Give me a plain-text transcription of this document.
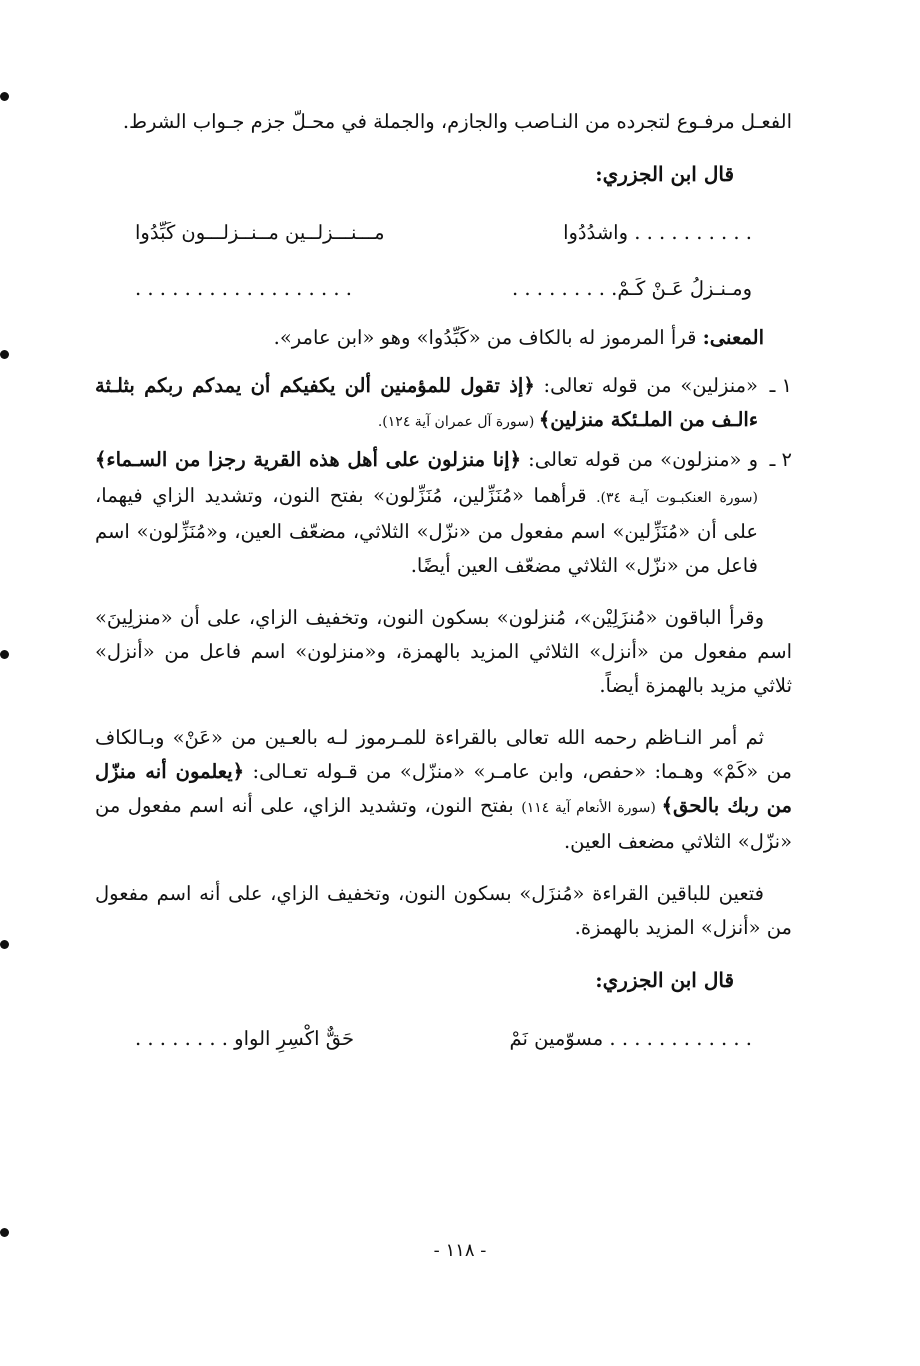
الفعـل مرفـوع لتجرده من النـاصب والجازم، والجملة في محـلّ جزم جـواب الشرط.

قال ابن الجزري:

‏. . . . . . . . . . واشدُدُوا
مـــنـــزلــين مــنــزلـــون كَبِّدُوا
ومـنـزلُ عَـنْ كَـمْ. . . . . . . . .
. . . . . . . . . . . . . . . . . .

المعنى: قرأ المرموز له بالكاف من «كَبِّدُوا» وهو «ابن عامر».

١ ـ
«منزلين» من قوله تعالى: ﴿إذ تقول للمؤمنين ألن يكفيكم أن يمدكم ربكم بثلـثة ءالـف من الملـئكة منزلين﴾ (سورة آل عمران آية ١٢٤).
٢ ـ
و «منزلون» من قوله تعالى: ﴿إنا منزلون على أهل هذه القرية رجزا من السـماء﴾ (سورة العنكبـوت آيـة ٣٤). قرأهما «مُنَزِّلين، مُنَزِّلون» بفتح النون، وتشديد الزاي فيهما، على أن «مُنَزِّلين» اسم مفعول من «نزّل» الثلاثي، مضعّف العين، و«مُنَزِّلون» اسم فاعل من «نزّل» الثلاثي مضعّف العين أيضًا.

وقرأ الباقون «مُنزَلِيْن»، مُنزلون» بسكون النون، وتخفيف الزاي، على أن «منزلِينَ» اسم مفعول من «أنزل» الثلاثي المزيد بالهمزة، و«منزلون» اسم فاعل من «أنزل» ثلاثي مزيد بالهمزة أيضاً.

ثم أمر النـاظم رحمه الله تعالى بالقراءة للمـرموز لـه بالعـين من «عَنْ» وبـالكاف من «كَمْ» وهـما: «حفص، وابن عامـر» «منزّل» من قـوله تعـالى: ﴿يعلمون أنه منزّل من ربك بالحق﴾ (سورة الأنعام آية ١١٤) بفتح النون، وتشديد الزاي، على أنه اسم مفعول من «نزّل» الثلاثي مضعف العين.

فتعين للباقين القراءة «مُنزَل» بسكون النون، وتخفيف الزاي، على أنه اسم مفعول من «أنزل» المزيد بالهمزة.

قال ابن الجزري:

‏. . . . . . . . . . . . مسوّمين نَمْ
حَقٌّ اكْسِرِ الواو . . . . . . . .
- ١١٨ -
